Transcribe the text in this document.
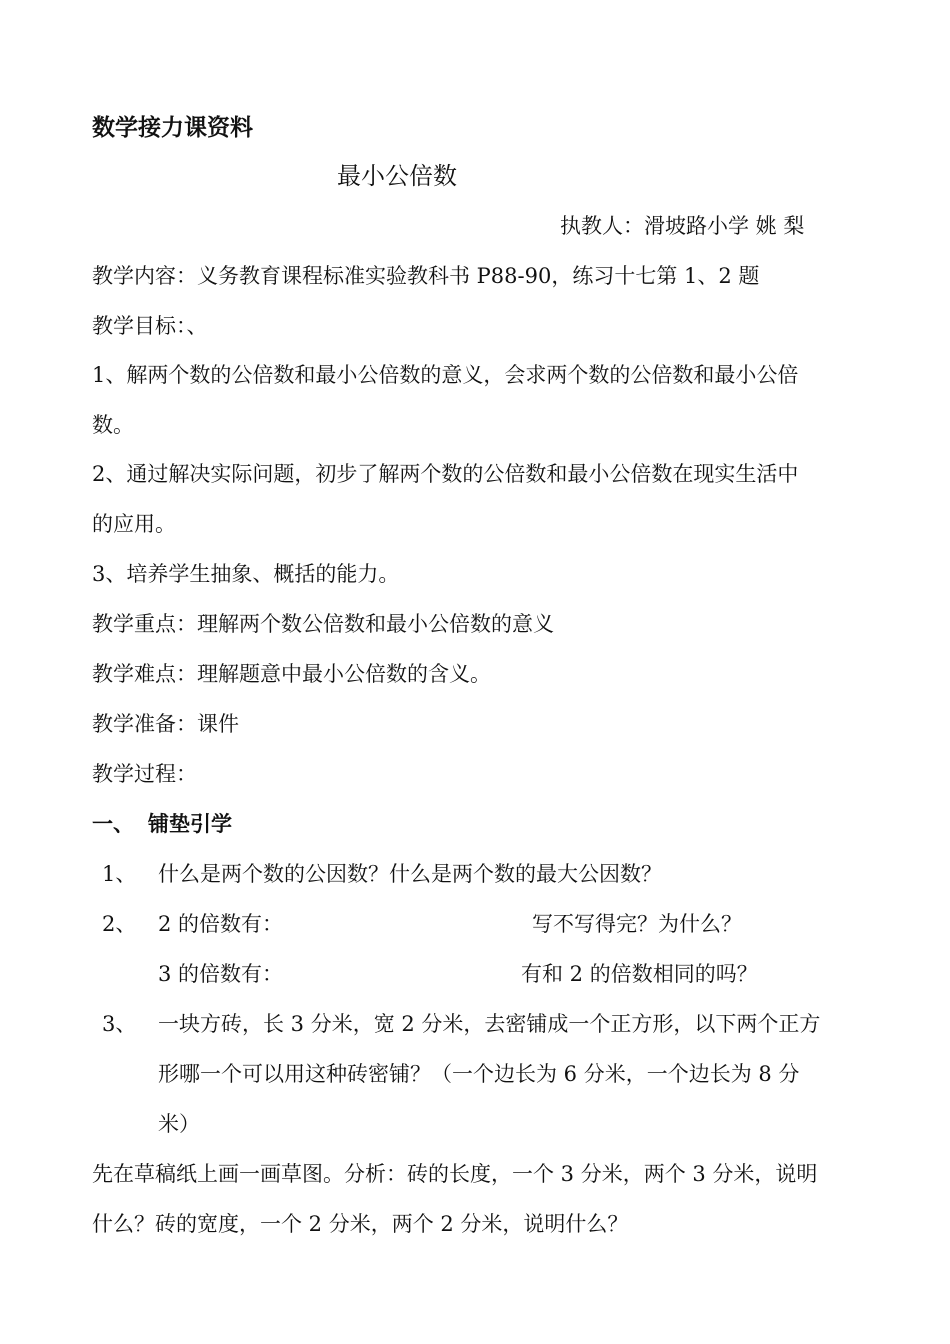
数学接力课资料
最小公倍数
执教人：滑坡路小学 姚 梨
教学内容：义务教育课程标准实验教科书 P88-90，练习十七第 1、2 题
教学目标：、
1、解两个数的公倍数和最小公倍数的意义，会求两个数的公倍数和最小公倍
数。
2、通过解决实际问题，初步了解两个数的公倍数和最小公倍数在现实生活中
的应用。
3、培养学生抽象、概括的能力。
教学重点：理解两个数公倍数和最小公倍数的意义
教学难点：理解题意中最小公倍数的含义。
教学准备：课件
教学过程：
一、 铺垫引学
1、 什么是两个数的公因数？什么是两个数的最大公因数？
2、 2 的倍数有：	写不写得完？为什么？
3 的倍数有：	有和 2 的倍数相同的吗？
3、 一块方砖，长 3 分米，宽 2 分米，去密铺成一个正方形，以下两个正方
形哪一个可以用这种砖密铺？（一个边长为 6 分米，一个边长为 8 分
米）
先在草稿纸上画一画草图。分析：砖的长度，一个 3 分米，两个 3 分米，说明
什么？砖的宽度，一个 2 分米，两个 2 分米，说明什么？
